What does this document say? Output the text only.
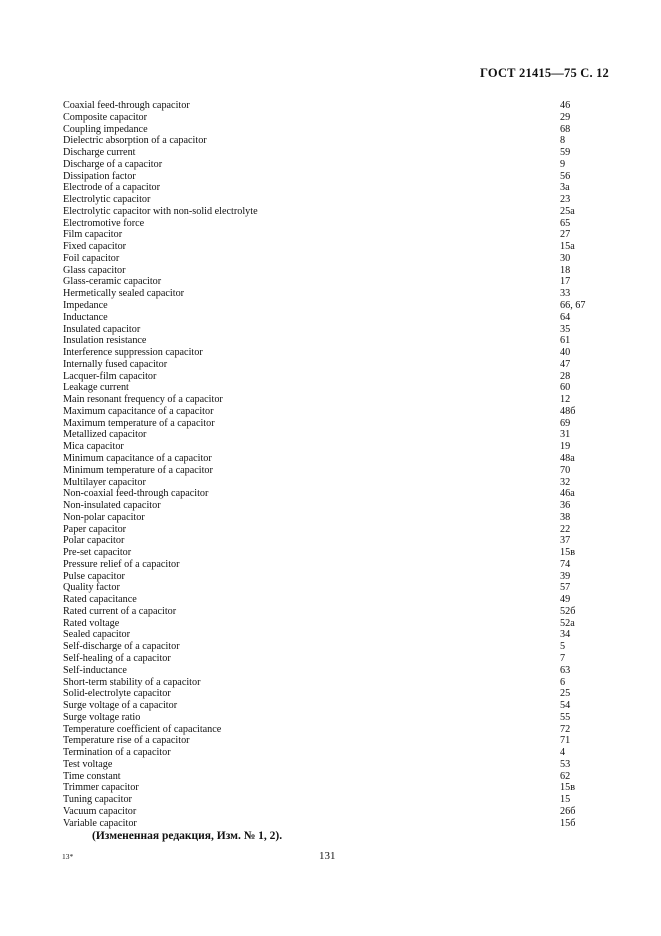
ГОСТ 21415—75 С. 12
Coaxial feed-through capacitor	46
Composite capacitor	29
Coupling impedance	68
Dielectric absorption of a capacitor	8
Discharge current	59
Discharge of a capacitor	9
Dissipation factor	56
Electrode of a capacitor	3a
Electrolytic capacitor	23
Electrolytic capacitor with non-solid electrolyte	25a
Electromotive force	65
Film capacitor	27
Fixed capacitor	15a
Foil capacitor	30
Glass capacitor	18
Glass-ceramic capacitor	17
Hermetically sealed capacitor	33
Impedance	66, 67
Inductance	64
Insulated capacitor	35
Insulation resistance	61
Interference suppression capacitor	40
Internally fused capacitor	47
Lacquer-film capacitor	28
Leakage current	60
Main resonant frequency of a capacitor	12
Maximum capacitance of a capacitor	48б
Maximum temperature of a capacitor	69
Metallized capacitor	31
Mica capacitor	19
Minimum capacitance of a capacitor	48a
Minimum temperature of a capacitor	70
Multilayer capacitor	32
Non-coaxial feed-through capacitor	46a
Non-insulated capacitor	36
Non-polar capacitor	38
Paper capacitor	22
Polar capacitor	37
Pre-set capacitor	15в
Pressure relief of a capacitor	74
Pulse capacitor	39
Quality factor	57
Rated capacitance	49
Rated current of a capacitor	52б
Rated voltage	52a
Sealed capacitor	34
Self-discharge of a capacitor	5
Self-healing of a capacitor	7
Self-inductance	63
Short-term stability of a capacitor	6
Solid-electrolyte capacitor	25
Surge voltage of a capacitor	54
Surge voltage ratio	55
Temperature coefficient of capacitance	72
Temperature rise of a capacitor	71
Termination of a capacitor	4
Test voltage	53
Time constant	62
Trimmer capacitor	15в
Tuning capacitor	15
Vacuum capacitor	26б
Variable capacitor	15б
(Измененная редакция, Изм. № 1, 2).
13*	131
